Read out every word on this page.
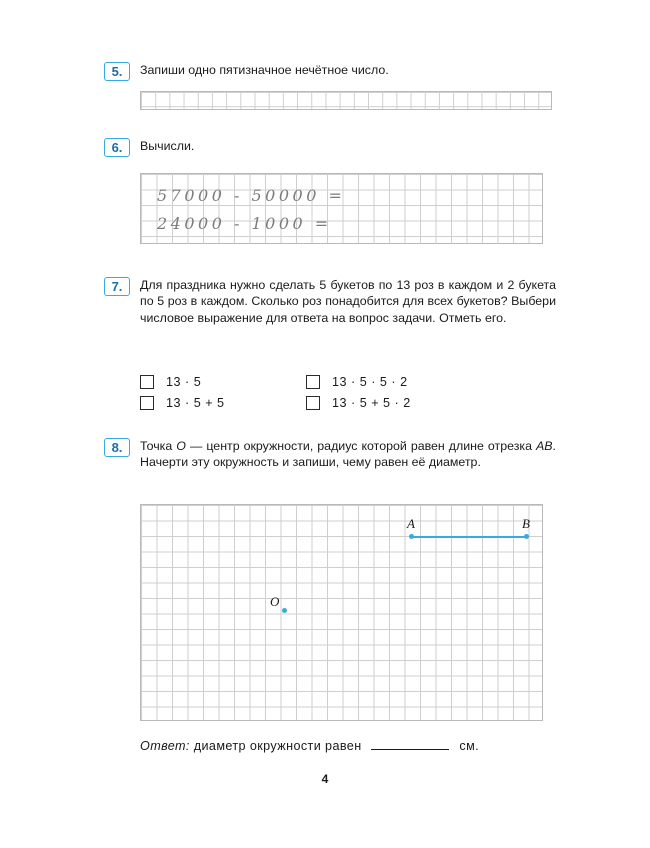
5.	Запиши одно пятизначное нечётное число.
6.	Вычисли.
57000 - 50000 =
24000 - 1000 =
7.	Для праздника нужно сделать 5 букетов по 13 роз в каждом и 2 букета по 5 роз в каждом. Сколько роз понадобится для всех букетов? Выбери числовое выражение для ответа на вопрос задачи. Отметь его.
13 · 5	13 · 5 · 5 · 2
13 · 5 + 5	13 · 5 + 5 · 2
8.	Точка O — центр окружности, радиус которой равен длине отрезка AB. Начерти эту окружность и запиши, чему равен её диаметр.
A	B
O
Ответ: диаметр окружности равен	см.
4
